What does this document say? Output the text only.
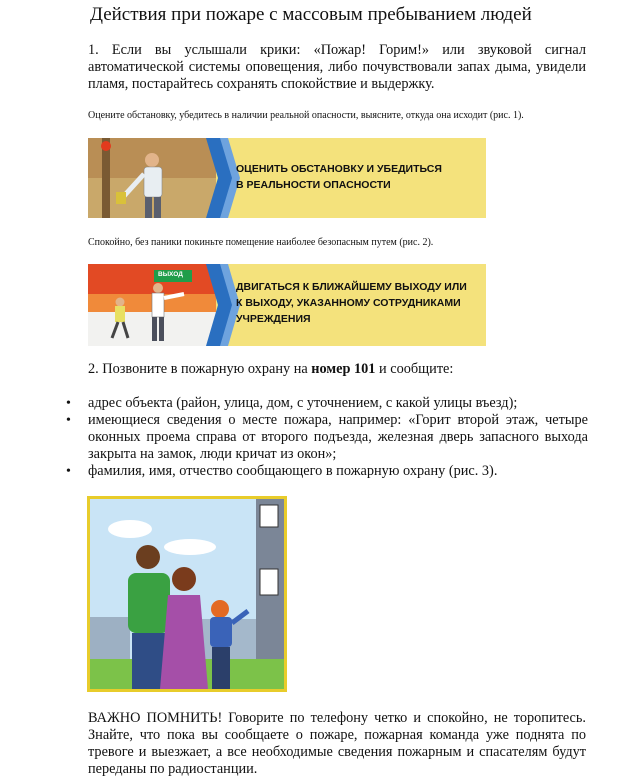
Действия при пожаре с массовым пребыванием людей
1. Если вы услышали крики: «Пожар! Горим!» или звуковой сигнал автоматической системы оповещения, либо почувствовали запах дыма, увидели пламя, постарайтесь сохранять спокойствие и выдержку.
Оцените обстановку, убедитесь в наличии реальной опасности, выясните, откуда она исходит (рис. 1).
ОЦЕНИТЬ ОБСТАНОВКУ И УБЕДИТЬСЯ
В РЕАЛЬНОСТИ ОПАСНОСТИ
Спокойно, без паники покиньте помещение наиболее безопасным путем (рис. 2).
ВЫХОД
ДВИГАТЬСЯ К БЛИЖАЙШЕМУ ВЫХОДУ ИЛИ
К ВЫХОДУ, УКАЗАННОМУ СОТРУДНИКАМИ
УЧРЕЖДЕНИЯ
2. Позвоните в пожарную охрану на номер 101 и сообщите:
• адрес объекта (район, улица, дом, с уточнением, с какой улицы въезд);
• имеющиеся сведения о месте пожара, например: «Горит второй этаж, четыре оконных проема справа от второго подъезда, железная дверь запасного выхода закрыта на замок, люди кричат из окон»;
• фамилия, имя, отчество сообщающего в пожарную охрану (рис. 3).
ВАЖНО ПОМНИТЬ! Говорите по телефону четко и спокойно, не торопитесь. Знайте, что пока вы сообщаете о пожаре, пожарная команда уже поднята по тревоге и выезжает, а все необходимые сведения пожарным и спасателям будут переданы по радиостанции.
